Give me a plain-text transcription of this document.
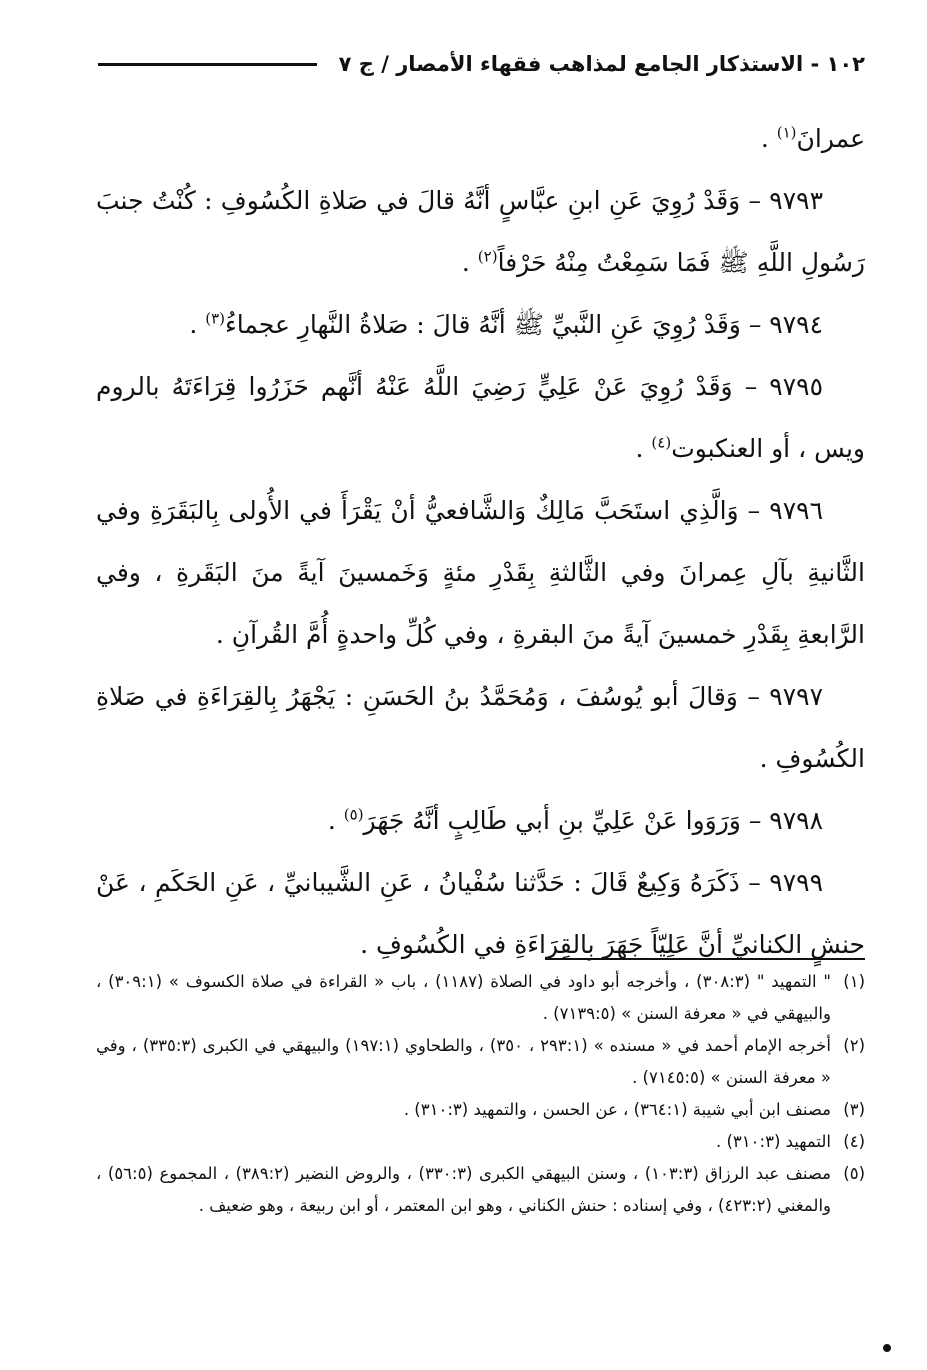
١٠٢ - الاستذكار الجامع لمذاهب فقهاء الأمصار / ج ٧

عمرانَ$^{(١)}$ .

٩٧٩٣ – وَقَدْ رُوِيَ عَنِ ابنِ عبَّاسٍ أنَّهُ قالَ في صَلاةِ الكُسُوفِ : كُنْتُ جنبَ رَسُولِ اللَّهِ ﷺ فَمَا سَمِعْتُ مِنْهُ حَرْفاً$^{(٢)}$ .

٩٧٩٤ – وَقَدْ رُوِيَ عَنِ النَّبيِّ ﷺ أنَّهُ قالَ : صَلاةُ النَّهارِ عجماءُ$^{(٣)}$ .

٩٧٩٥ – وَقَدْ رُوِيَ عَنْ عَلِيٍّ رَضِيَ اللَّهُ عَنْهُ أنَّهم حَزَرُوا قِرَاءَتَهُ بالروم ويس ، أو العنكبوت$^{(٤)}$ .

٩٧٩٦ – وَالَّذِي استَحَبَّ مَالِكٌ وَالشَّافعيُّ أنْ يَقْرَأَ في الأُولى بِالبَقَرَةِ وفي الثَّانيةِ بآلِ عِمرانَ وفي الثَّالثةِ بِقَدْرِ مئةٍ وَخَمسينَ آيةً منَ البَقَرةِ ، وفي الرَّابعةِ بِقَدْرِ خمسينَ آيةً منَ البقرةِ ، وفي كُلِّ واحدةٍ أُمَّ القُرآنِ .

٩٧٩٧ – وَقالَ أبو يُوسُفَ ، وَمُحَمَّدُ بنُ الحَسَنِ : يَجْهَرُ بِالقِرَاءَةِ في صَلاةِ الكُسُوفِ .

٩٧٩٨ – وَرَوَوا عَنْ عَلِيِّ بنِ أبي طَالِبٍ أنَّهُ جَهَرَ$^{(٥)}$ .

٩٧٩٩ – ذَكَرَهُ وَكِيعٌ قَالَ : حَدَّثنا سُفْيانُ ، عَنِ الشَّيبانيِّ ، عَنِ الحَكَمِ ، عَنْ حنشٍ الكنانيِّ أنَّ عَلِيّاً جَهَرَ بِالقِرَاءَةِ في الكُسُوفِ .

(١)
" التمهيد " (٣٠٨:٣) ، وأخرجه أبو داود في الصلاة (١١٨٧) ، باب « القراءة في صلاة الكسوف » (٣٠٩:١) ، والبيهقي في « معرفة السنن » (٧١٣٩:٥) .
(٢)
أخرجه الإمام أحمد في « مسنده » (٢٩٣:١ ، ٣٥٠) ، والطحاوي (١٩٧:١) والبيهقي في الكبرى (٣٣٥:٣) ، وفي « معرفة السنن » (٧١٤٥:٥) .
(٣)
مصنف ابن أبي شيبة (٣٦٤:١) ، عن الحسن ، والتمهيد (٣١٠:٣) .
(٤)
التمهيد (٣١٠:٣) .
(٥)
مصنف عبد الرزاق (١٠٣:٣) ، وسنن البيهقي الكبرى (٣٣٠:٣) ، والروض النضير (٣٨٩:٢) ، المجموع (٥٦:٥) ، والمغني (٤٢٣:٢) ، وفي إسناده : حنش الكناني ، وهو ابن المعتمر ، أو ابن ربيعة ، وهو ضعيف .
